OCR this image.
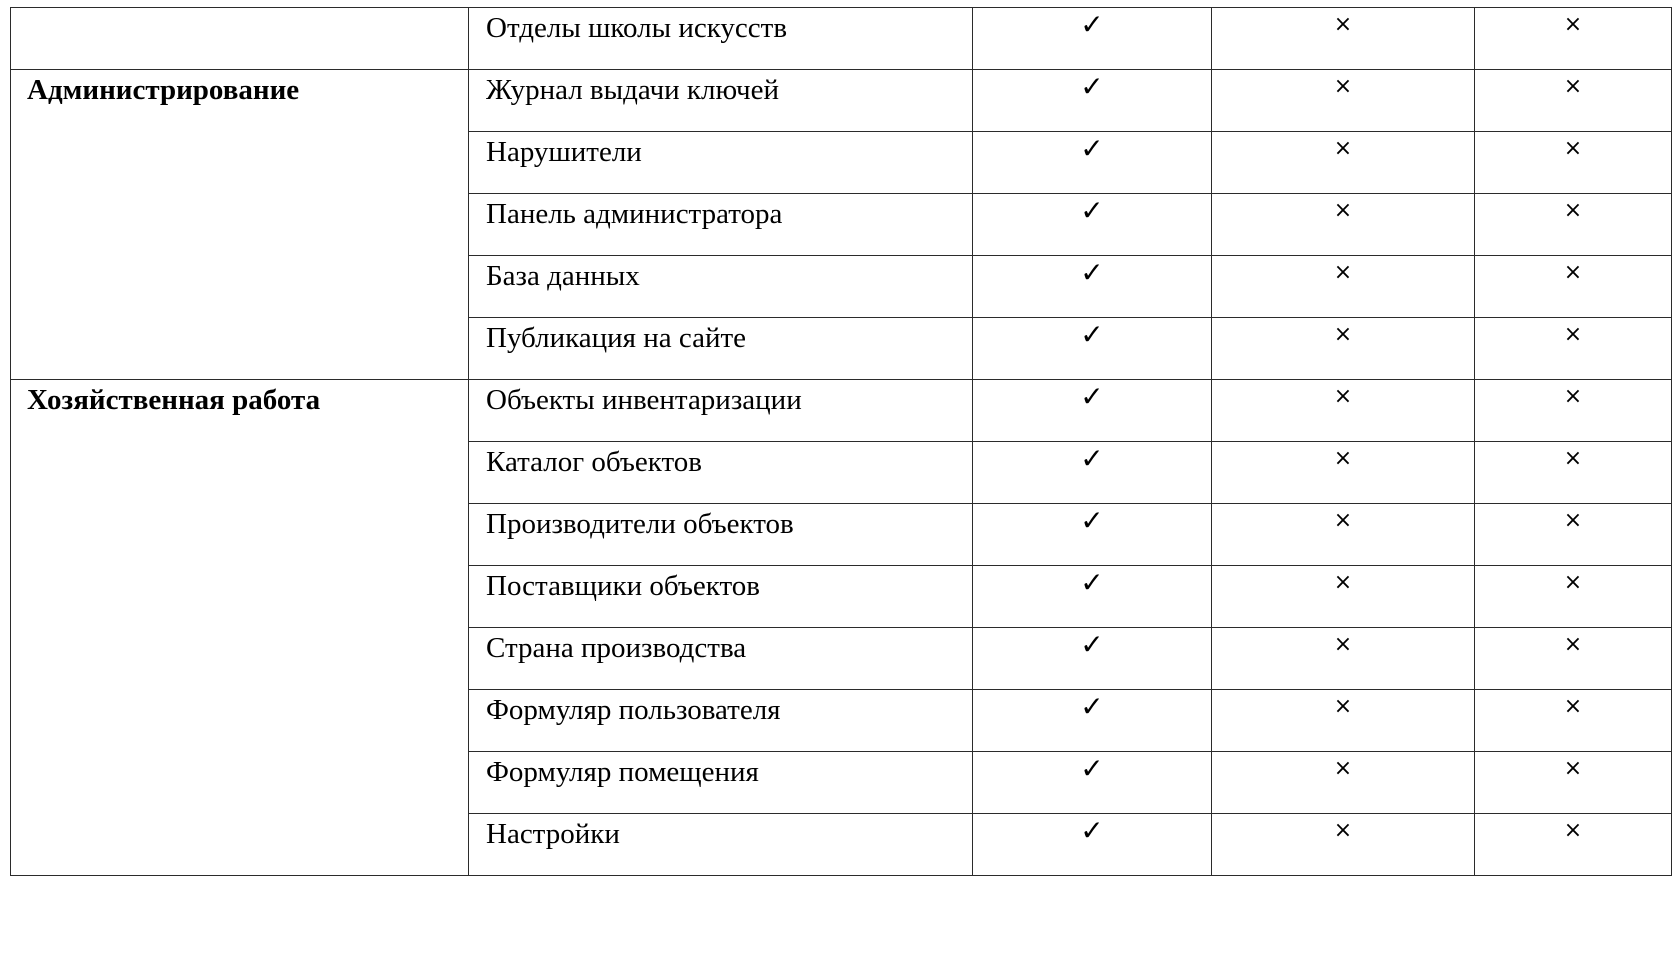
	Отделы школы искусств	✓	×	×

Администрирование	Журнал выдачи ключей	✓	×	×

	Нарушители	✓	×	×

	Панель администратора	✓	×	×

	База данных	✓	×	×

	Публикация на сайте	✓	×	×

Хозяйственная работа	Объекты инвентаризации	✓	×	×

	Каталог объектов	✓	×	×

	Производители объектов	✓	×	×

	Поставщики объектов	✓	×	×

	Страна производства	✓	×	×

	Формуляр пользователя	✓	×	×

	Формуляр помещения	✓	×	×

	Настройки	✓	×	×
